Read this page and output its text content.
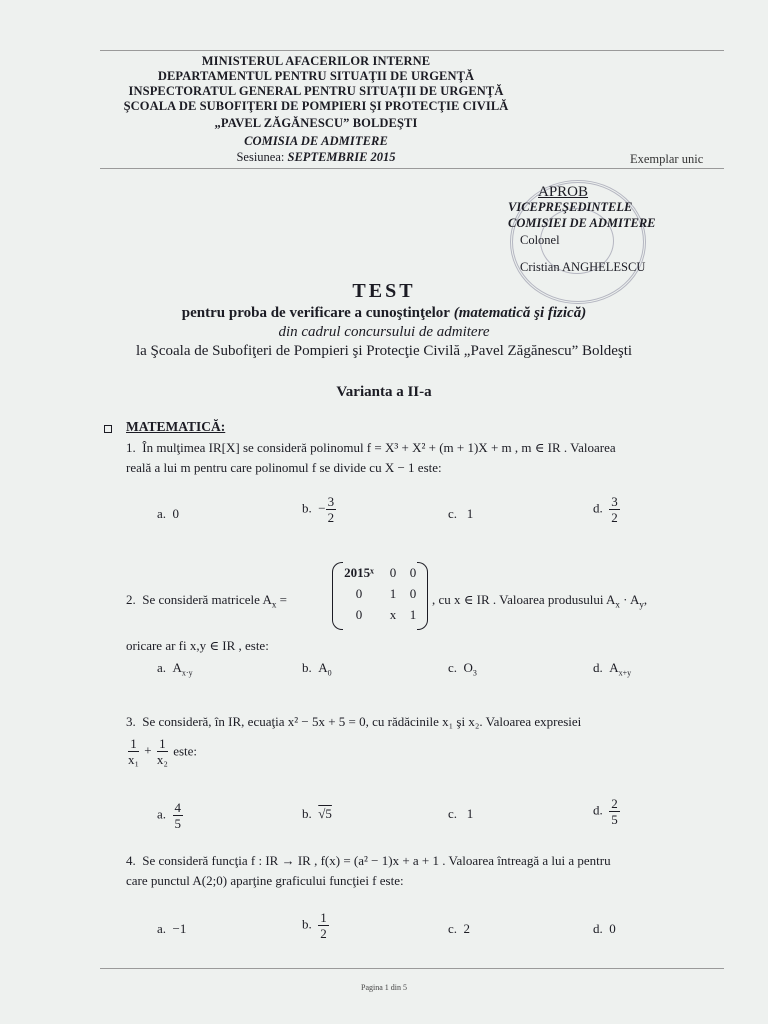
MINISTERUL AFACERILOR INTERNE
DEPARTAMENTUL PENTRU SITUAŢII DE URGENŢĂ
INSPECTORATUL GENERAL PENTRU SITUAŢII DE URGENŢĂ
ŞCOALA DE SUBOFIŢERI DE POMPIERI ŞI PROTECŢIE CIVILĂ
„PAVEL ZĂGĂNESCU” BOLDEŞTI
COMISIA DE ADMITERE
Sesiunea: SEPTEMBRIE 2015	Exemplar unic
APROB
VICEPREŞEDINTELE
COMISIEI DE ADMITERE
Colonel
Cristian ANGHELESCU
TEST
pentru proba de verificare a cunoştinţelor (matematică şi fizică)
din cadrul concursului de admitere
la Şcoala de Subofiţeri de Pompieri şi Protecţie Civilă „Pavel Zăgănescu” Boldeşti
Varianta a II-a
MATEMATICĂ:
1. În mulţimea IR[X] se consideră polinomul f = X³ + X² + (m + 1)X + m , m ∈ IR . Valoarea
reală a lui m pentru care polinomul f se divide cu X − 1 este:
a. 0	b. − $\frac{3}{2}$	c. 1	d. $\frac{3}{2}$
2. Se consideră matricele $A_x$ =
2015ˣ	0	0
0	1	0
0	x	1
, cu x ∈ IR . Valoarea produsului $A_x \cdot A_y$,
oricare ar fi x,y ∈ IR , este:
a. $A_{x\cdot y}$	b. $A_0$	c. $O_3$	d. $A_{x+y}$
3. Se consideră, în IR, ecuaţia x² − 5x + 5 = 0, cu rădăcinile x₁ şi x₂. Valoarea expresiei
$\frac{1}{\text{x₁}} + \frac{1}{\text{x₂}}$ este:
a. $\frac{4}{5}$	b. √5	c. 1	d. $\frac{2}{5}$
4. Se consideră funcţia f : IR → IR , f(x) = (a² − 1)x + a + 1 . Valoarea întreagă a lui a pentru
care punctul A(2;0) aparţine graficului funcţiei f este:
a. −1	b. $\frac{1}{2}$	c. 2	d. 0
Pagina 1 din 5
